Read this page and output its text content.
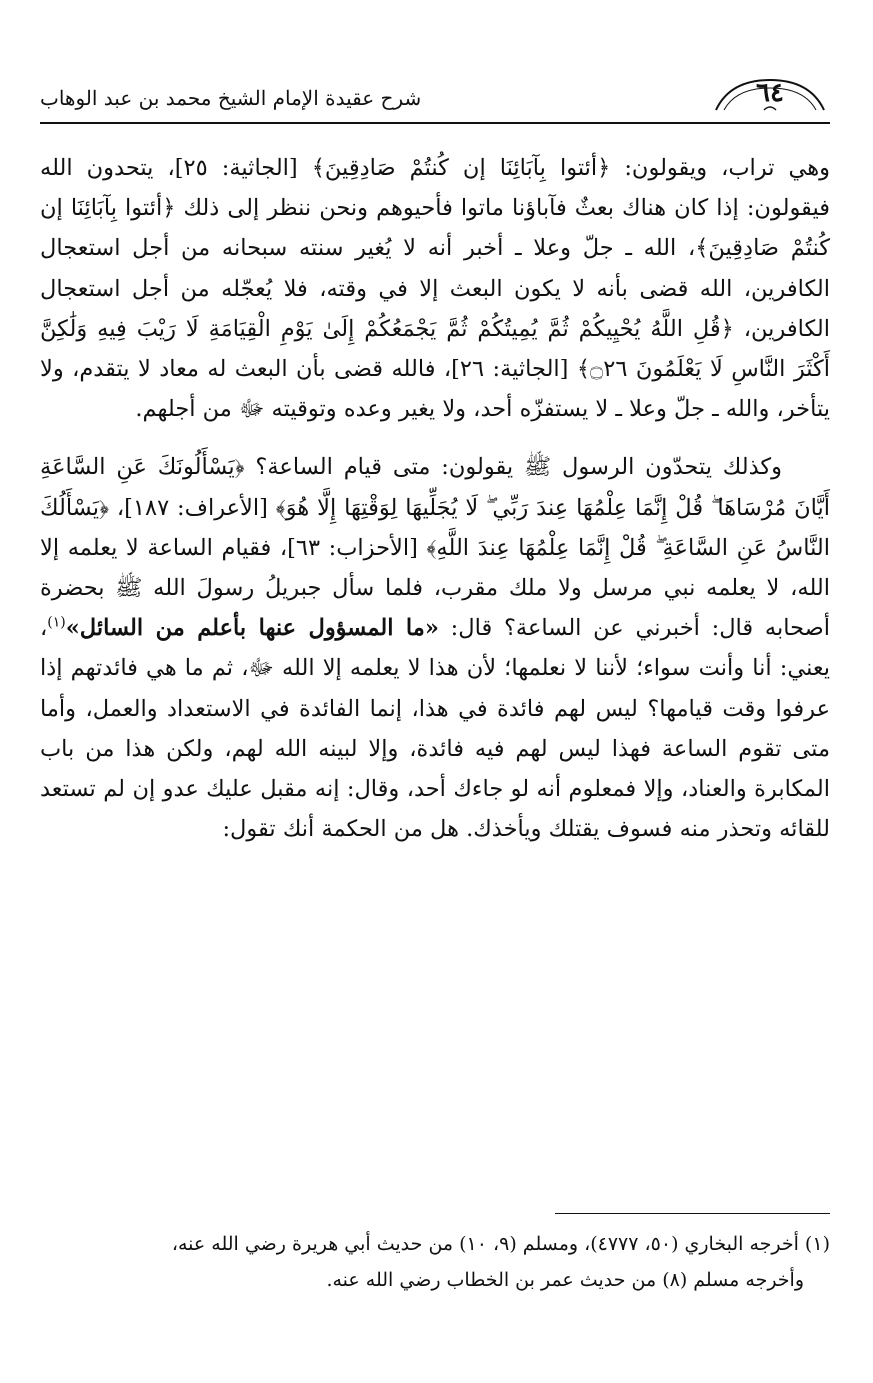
شرح عقيدة الإمام الشيخ محمد بن عبد الوهاب	٦٤

وهي تراب، ويقولون: ﴿أئتوا بِآبَائِنَا إن كُنتُمْ صَادِقِينَ﴾ [الجاثية: ٢٥]، يتحدون الله فيقولون: إذا كان هناك بعثٌ فآباؤنا ماتوا فأحيوهم ونحن ننظر إلى ذلك ﴿أئتوا بِآبَائِنَا إن كُنتُمْ صَادِقِينَ﴾، الله ـ جلّ وعلا ـ أخبر أنه لا يُغير سنته سبحانه من أجل استعجال الكافرين، الله قضى بأنه لا يكون البعث إلا في وقته، فلا يُعجّله من أجل استعجال الكافرين، ﴿قُلِ اللَّهُ يُحْيِيكُمْ ثُمَّ يُمِيتُكُمْ ثُمَّ يَجْمَعُكُمْ إِلَىٰ يَوْمِ الْقِيَامَةِ لَا رَيْبَ فِيهِ وَلَٰكِنَّ أَكْثَرَ النَّاسِ لَا يَعْلَمُونَ ۝٢٦﴾ [الجاثية: ٢٦]، فالله قضى بأن البعث له معاد لا يتقدم، ولا يتأخر، والله ـ جلّ وعلا ـ لا يستفزّه أحد، ولا يغير وعده وتوقيته ﷻ من أجلهم.

وكذلك يتحدّون الرسول ﷺ يقولون: متى قيام الساعة؟ ﴿يَسْأَلُونَكَ عَنِ السَّاعَةِ أَيَّانَ مُرْسَاهَا ۖ قُلْ إِنَّمَا عِلْمُهَا عِندَ رَبِّي ۖ لَا يُجَلِّيهَا لِوَقْتِهَا إِلَّا هُوَ﴾ [الأعراف: ١٨٧]، ﴿يَسْأَلُكَ النَّاسُ عَنِ السَّاعَةِ ۖ قُلْ إِنَّمَا عِلْمُهَا عِندَ اللَّهِ﴾ [الأحزاب: ٦٣]، فقيام الساعة لا يعلمه إلا الله، لا يعلمه نبي مرسل ولا ملك مقرب، فلما سأل جبريلُ رسولَ الله ﷺ بحضرة أصحابه قال: أخبرني عن الساعة؟ قال: «ما المسؤول عنها بأعلم من السائل»$^{(١)}$، يعني: أنا وأنت سواء؛ لأننا لا نعلمها؛ لأن هذا لا يعلمه إلا الله ﷻ، ثم ما هي فائدتهم إذا عرفوا وقت قيامها؟ ليس لهم فائدة في هذا، إنما الفائدة في الاستعداد والعمل، وأما متى تقوم الساعة فهذا ليس لهم فيه فائدة، وإلا لبينه الله لهم، ولكن هذا من باب المكابرة والعناد، وإلا فمعلوم أنه لو جاءك أحد، وقال: إنه مقبل عليك عدو إن لم تستعد للقائه وتحذر منه فسوف يقتلك ويأخذك. هل من الحكمة أنك تقول:

(١) أخرجه البخاري (٥٠، ٤٧٧٧)، ومسلم (٩، ١٠) من حديث أبي هريرة رضي الله عنه،

وأخرجه مسلم (٨) من حديث عمر بن الخطاب رضي الله عنه.
